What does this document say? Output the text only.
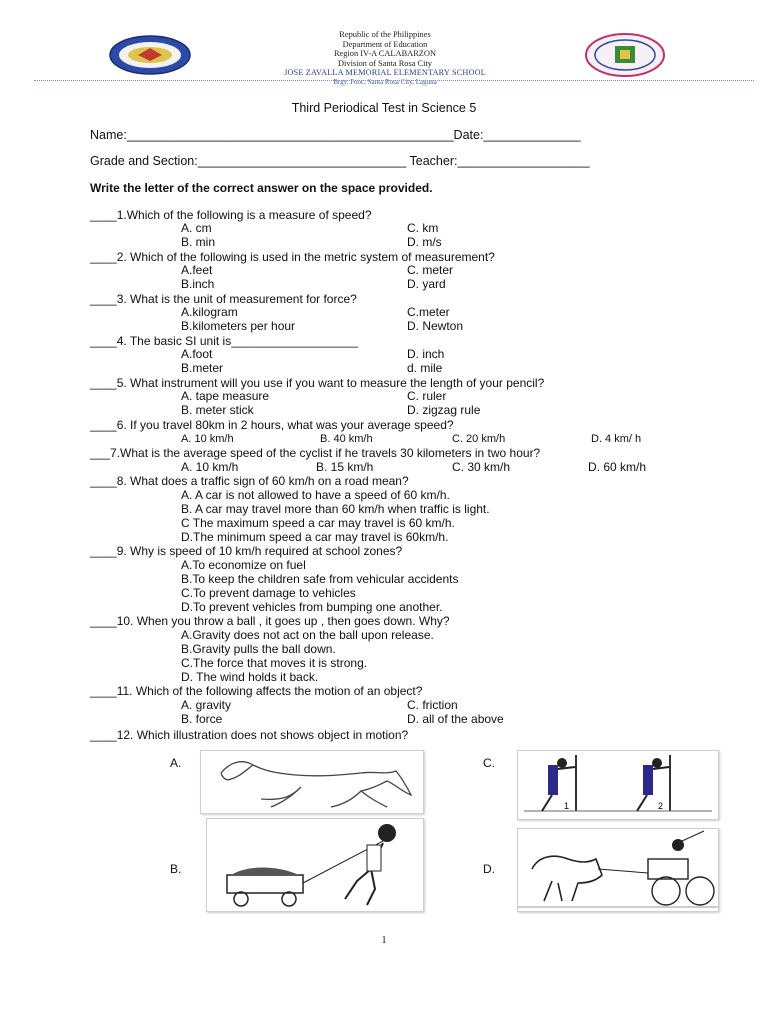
Republic of the Philippines
Department of Education
Region IV-A CALABARZON
Division of Santa Rosa City
JOSE ZAVALLA MEMORIAL ELEMENTARY SCHOOL
Brgy. Pooc, Santa Rosa City, Laguna
Third Periodical Test in Science 5
Name:_______________________________________________Date:______________
Grade and Section:______________________________ Teacher:___________________
Write the letter of the correct answer on the space provided.
____1.Which of the following is a measure of speed?
A. cm	C. km
B. min	D. m/s
____2. Which of the following is used in the metric system of measurement?
A.feet	C. meter
B.inch	D. yard
____3. What is the unit of measurement for force?
A.kilogram	C.meter
B.kilometers per hour	D. Newton
____4. The basic SI unit is___________________
A.foot	D. inch
B.meter	d. mile
____5. What instrument will you use if you want to measure the length of your pencil?
A. tape measure	C. ruler
B. meter stick	D. zigzag rule
____6. If you travel 80km in 2 hours, what was your average speed?
A. 10 km/h	B. 40 km/h	C. 20 km/h	D. 4 km/ h
___7.What is the average speed of the cyclist if he travels 30 kilometers in two hour?
A. 10 km/h	B. 15 km/h	C. 30 km/h	D. 60 km/h
____8. What does a traffic sign of 60 km/h on a road mean?
A. A car is not allowed to have a speed of 60 km/h.
B. A car may travel more than 60 km/h when traffic is light.
C The maximum speed a car may travel is 60 km/h.
D.The minimum speed a car may travel is 60km/h.
____9. Why is speed of 10 km/h required at school zones?
A.To economize on fuel
B.To keep the children safe from vehicular accidents
C.To prevent damage to vehicles
D.To prevent vehicles from bumping one another.
____10. When you throw a ball , it goes up , then goes down. Why?
A.Gravity does not act on the ball upon release.
B.Gravity pulls the ball down.
C.The force that moves it is strong.
D. The wind holds it back.
____11. Which of the following affects the motion of an object?
A. gravity	C. friction
B. force	D. all of the above
____12. Which illustration does not shows object in motion?
A.	C.
1	2
B.	D.
1
